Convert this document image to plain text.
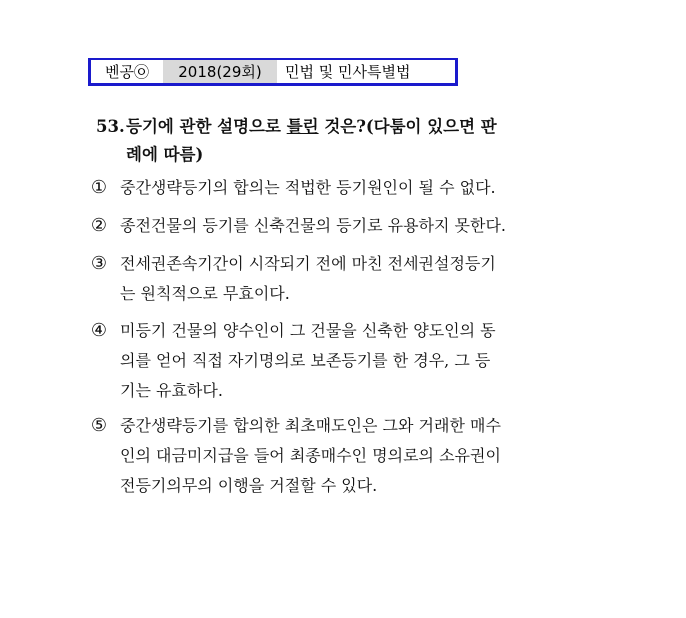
벤공㉧	2018(29회)	민법 및 민사특별법
53.등기에 관한 설명으로 틀린 것은?(다툼이 있으면 판
례에 따름)
① 중간생략등기의 합의는 적법한 등기원인이 될 수 없다.
② 종전건물의 등기를 신축건물의 등기로 유용하지 못한다.
③ 전세권존속기간이 시작되기 전에 마친 전세권설정등기
는 원칙적으로 무효이다.
④ 미등기 건물의 양수인이 그 건물을 신축한 양도인의 동
의를 얻어 직접 자기명의로 보존등기를 한 경우, 그 등
기는 유효하다.
⑤ 중간생략등기를 합의한 최초매도인은 그와 거래한 매수
인의 대금미지급을 들어 최종매수인 명의로의 소유권이
전등기의무의 이행을 거절할 수 있다.
